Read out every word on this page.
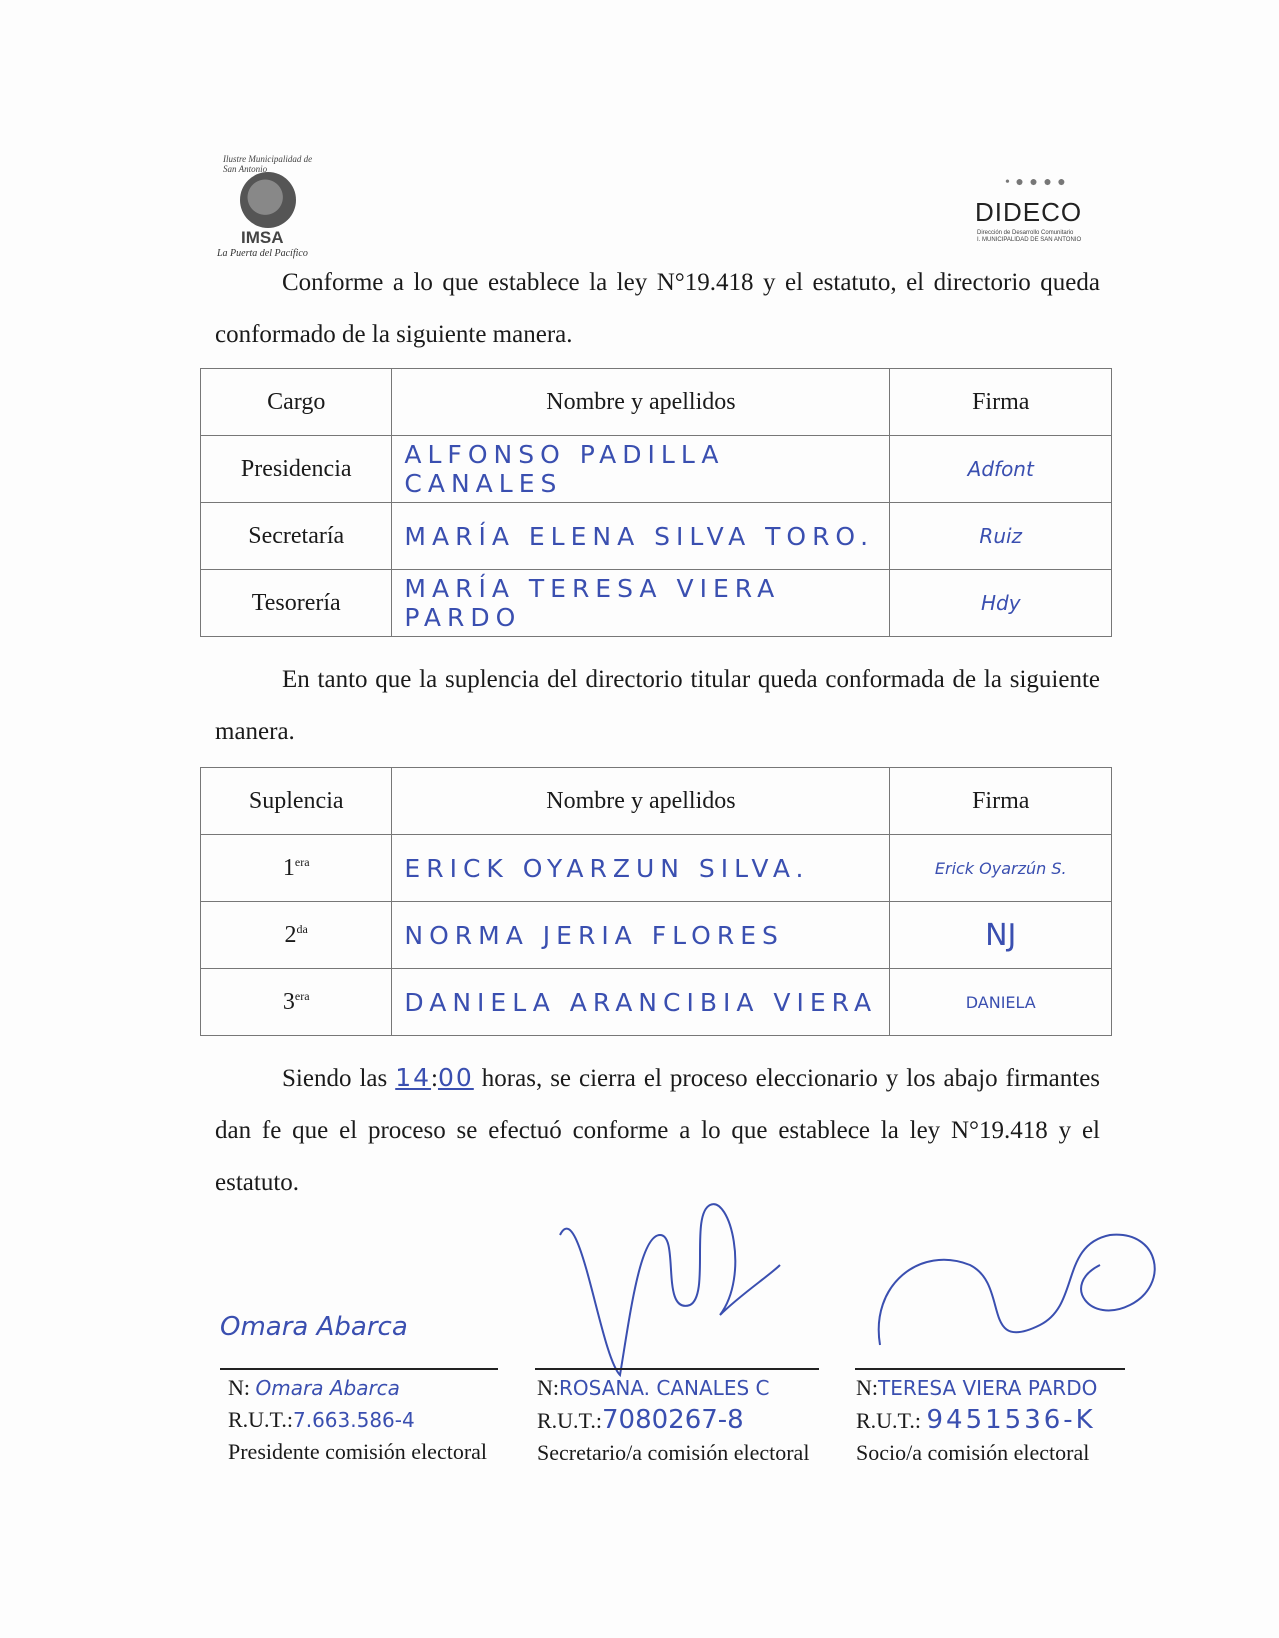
Ilustre Municipalidad de San Antonio
IMSA
La Puerta del Pacífico
• ● ● ● ●
DIDECO
Dirección de Desarrollo Comunitario
I. MUNICIPALIDAD DE SAN ANTONIO
Conforme a lo que establece la ley N°19.418 y el estatuto, el directorio queda conformado de la siguiente manera.
Cargo	Nombre y apellidos	Firma
Presidencia	ALFONSO PADILLA CANALES	Adfont
Secretaría	MARÍA ELENA SILVA TORO.	Ruiz
Tesorería	MARÍA TERESA VIERA PARDO	Hdy
En tanto que la suplencia del directorio titular queda conformada de la siguiente manera.
Suplencia	Nombre y apellidos	Firma
$1^{era}$	ERICK OYARZUN SILVA.	Erick Oyarzún S.
$2^{da}$	NORMA JERIA FLORES	NJ
$3^{era}$	DANIELA ARANCIBIA VIERA	DANIELA
Siendo las 14:00 horas, se cierra el proceso eleccionario y los abajo firmantes dan fe que el proceso se efectuó conforme a lo que establece la ley N°19.418 y el estatuto.
Omara Abarca
N: Omara Abarca
R.U.T.:7.663.586-4
Presidente comisión electoral
N:ROSANA. CANALES C
R.U.T.:7080267-8
Secretario/a comisión electoral
N:TERESA VIERA PARDO
R.U.T.: 9451536-K
Socio/a comisión electoral
